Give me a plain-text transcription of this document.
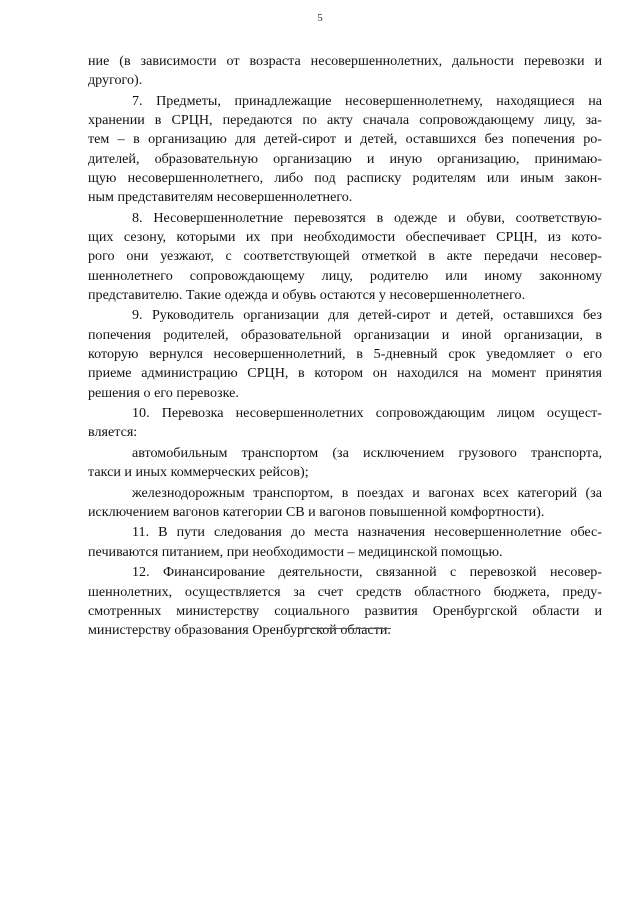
5
ние (в зависимости от возраста несовершеннолетних, дальности перевозки и
другого).
7. Предметы, принадлежащие несовершеннолетнему, находящиеся на
хранении в СРЦН, передаются по акту сначала сопровождающему лицу, за-
тем – в организацию для детей-сирот и детей, оставшихся без попечения ро-
дителей, образовательную организацию и иную организацию, принимаю-
щую несовершеннолетнего, либо под расписку родителям или иным закон-
ным представителям несовершеннолетнего.
8. Несовершеннолетние перевозятся в одежде и обуви, соответствую-
щих сезону, которыми их при необходимости обеспечивает СРЦН, из кото-
рого они уезжают, с соответствующей отметкой в акте передачи несовер-
шеннолетнего сопровождающему лицу, родителю или иному законному
представителю. Такие одежда и обувь остаются у несовершеннолетнего.
9. Руководитель организации для детей-сирот и детей, оставшихся без
попечения родителей, образовательной организации и иной организации, в
которую вернулся несовершеннолетний, в 5-дневный срок уведомляет о его
приеме администрацию СРЦН, в котором он находился на момент принятия
решения о его перевозке.
10. Перевозка несовершеннолетних сопровождающим лицом осущест-
вляется:
автомобильным транспортом (за исключением грузового транспорта,
такси и иных коммерческих рейсов);
железнодорожным транспортом, в поездах и вагонах всех категорий (за
исключением вагонов категории СВ и вагонов повышенной комфортности).
11. В пути следования до места назначения несовершеннолетние обес-
печиваются питанием, при необходимости – медицинской помощью.
12. Финансирование деятельности, связанной с перевозкой несовер-
шеннолетних, осуществляется за счет средств областного бюджета, преду-
смотренных министерству социального развития Оренбургской области и
министерству образования Оренбургской области.
